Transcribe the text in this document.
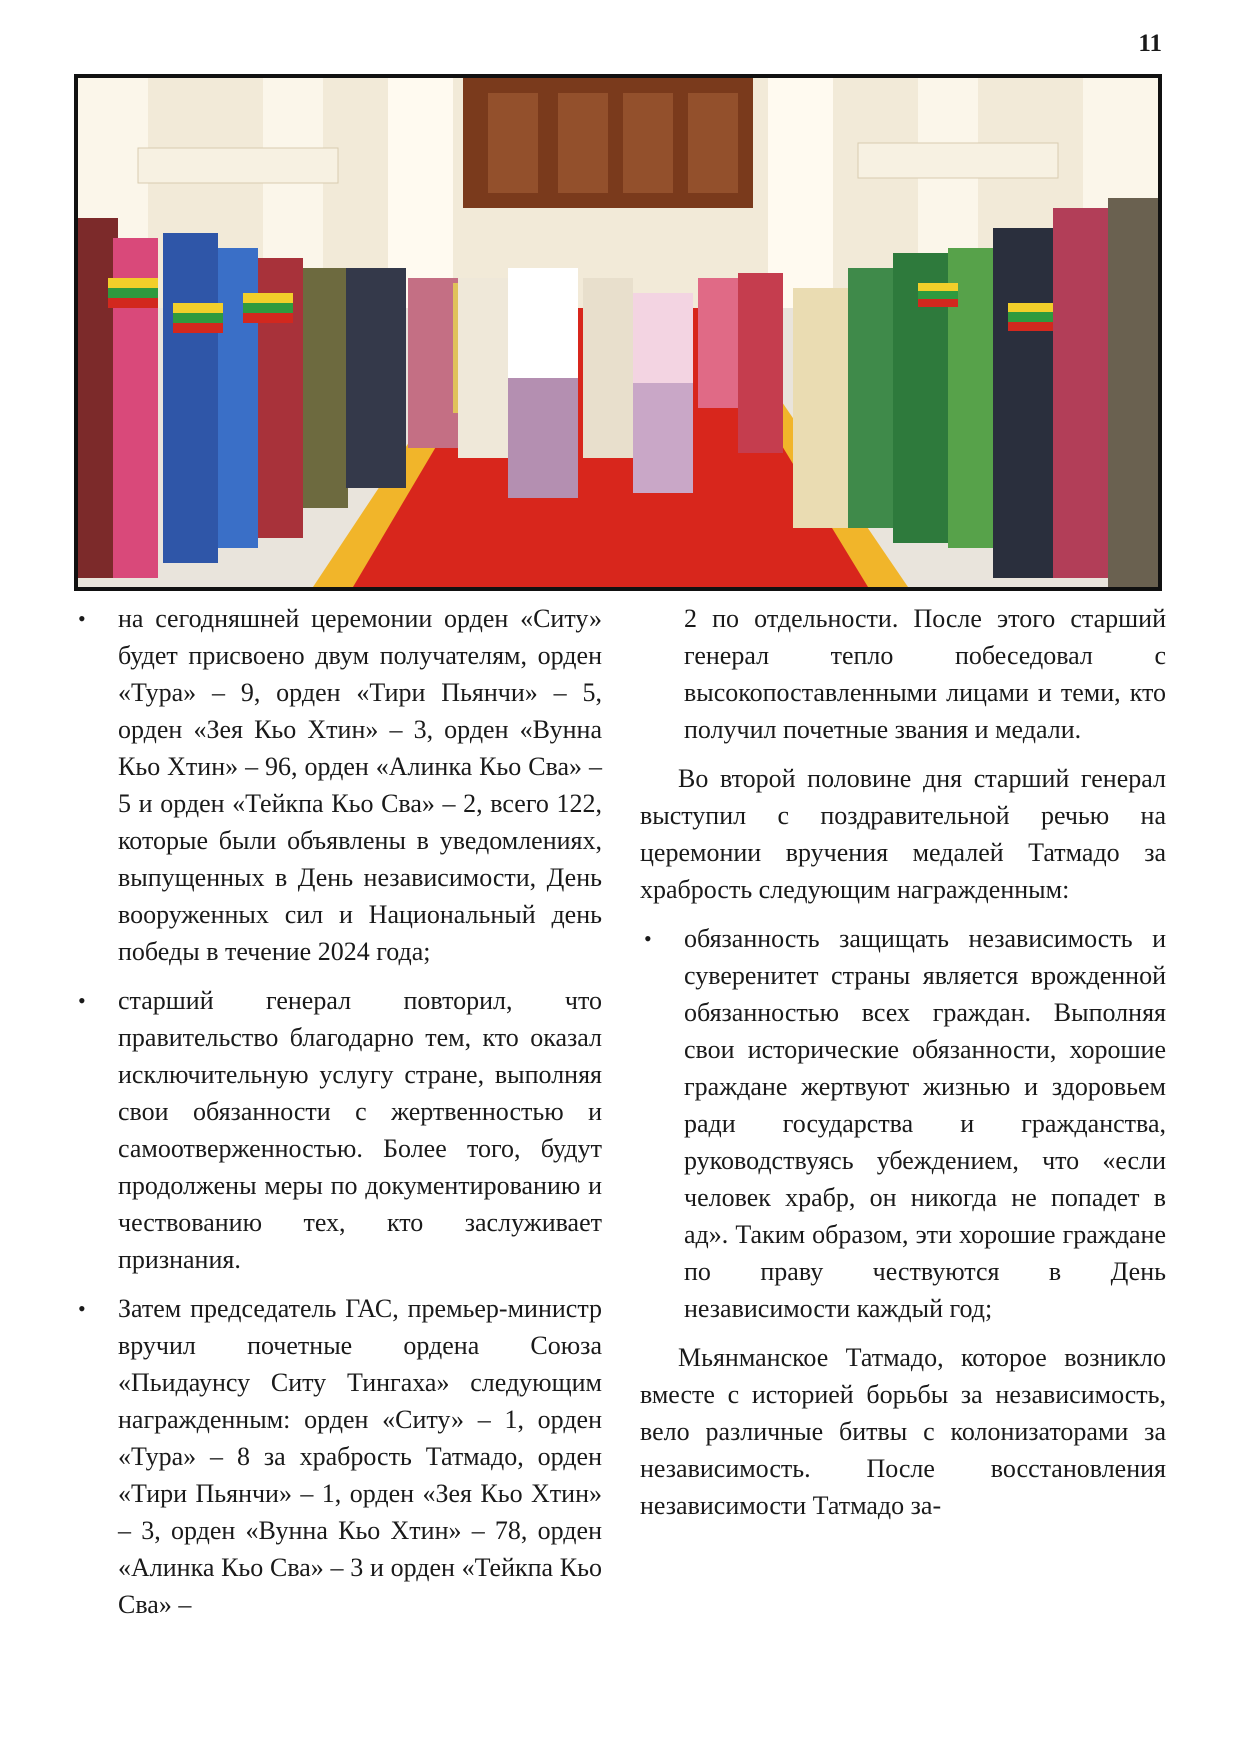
11
• на сегодняшней церемонии орден «Ситу» будет присвоено двум получателям, орден «Тура» – 9, орден «Тири Пьянчи» – 5, орден «Зея Кьо Хтин» – 3, орден «Вунна Кьо Хтин» – 96, орден «Алинка Кьо Сва» – 5 и орден «Тейкпа Кьо Сва» – 2, всего 122, которые были объявлены в уведомлениях, выпущенных в День независимости, День вооруженных сил и Национальный день победы в течение 2024 года;
• старший генерал повторил, что правительство благодарно тем, кто оказал исключительную услугу стране, выполняя свои обязанности с жертвенностью и самоотверженностью. Более того, будут продолжены меры по документированию и чествованию тех, кто заслуживает признания.
• Затем председатель ГАС, премьер-министр вручил почетные ордена Союза «Пьидаунсу Ситу Тингаха» следующим награжденным: орден «Ситу» – 1, орден «Тура» – 8 за храбрость Татмадо, орден «Тири Пьянчи» – 1, орден «Зея Кьо Хтин» – 3, орден «Вунна Кьо Хтин» – 78, орден «Алинка Кьо Сва» – 3 и орден «Тейкпа Кьо Сва» –
2 по отдельности. После этого старший генерал тепло побеседовал с высокопоставленными лицами и теми, кто получил почетные звания и медали.

Во второй половине дня старший генерал выступил с поздравительной речью на церемонии вручения медалей Татмадо за храбрость следующим награжденным:

• обязанность защищать независимость и суверенитет страны является врожденной обязанностью всех граждан. Выполняя свои исторические обязанности, хорошие граждане жертвуют жизнью и здоровьем ради государства и гражданства, руководствуясь убеждением, что «если человек храбр, он никогда не попадет в ад». Таким образом, эти хорошие граждане по праву чествуются в День независимости каждый год;

Мьянманское Татмадо, которое возникло вместе с историей борьбы за независимость, вело различные битвы с колонизаторами за независимость. После восстановления независимости Татмадо за-
